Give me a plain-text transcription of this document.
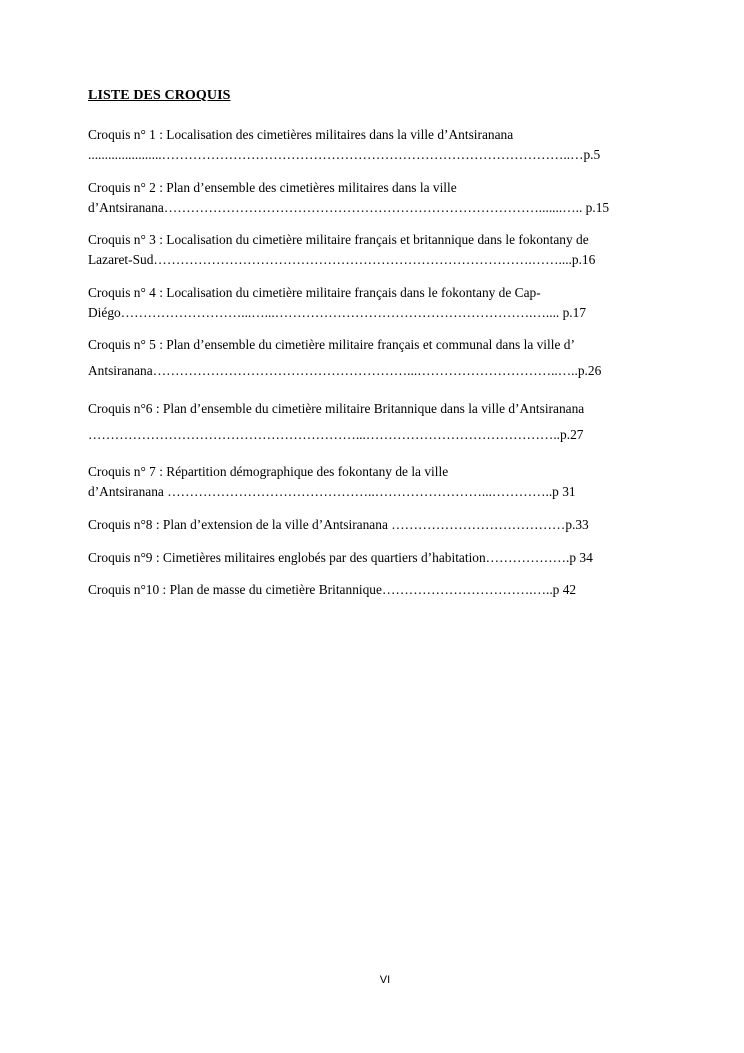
LISTE DES CROQUIS
Croquis n° 1 : Localisation des cimetières militaires dans la ville d’Antsiranana
......................………………………………………………………………………………..…p.5
Croquis n° 2 : Plan d’ensemble des cimetières militaires dans la ville
d’Antsiranana………………………………………………………………………….......….. p.15
Croquis n° 3 : Localisation du cimetière militaire français et britannique dans le fokontany de
Lazaret-Sud………………………………………………………………………….……....p.16
Croquis n° 4 : Localisation du cimetière militaire français dans le fokontany de Cap-
Diégo………………………...…...………………………………………………….….... p.17
Croquis n° 5 : Plan d’ensemble du cimetière militaire français et communal dans la ville d’
Antsiranana…………………………………………………...…………………………..…..p.26
Croquis n°6 : Plan d’ensemble du cimetière militaire Britannique dans la ville d’Antsiranana
……………………………………………………...……………………………………..p.27
Croquis n° 7 : Répartition démographique des fokontany de la ville
d’Antsiranana ………………………………………..……………………...…………..p 31
Croquis n°8 : Plan d’extension de la ville d’Antsiranana …………………………………p.33
Croquis n°9 : Cimetières militaires englobés par des quartiers d’habitation……………….p 34
Croquis n°10 : Plan de masse du cimetière Britannique…………………………….…..p 42
VI
